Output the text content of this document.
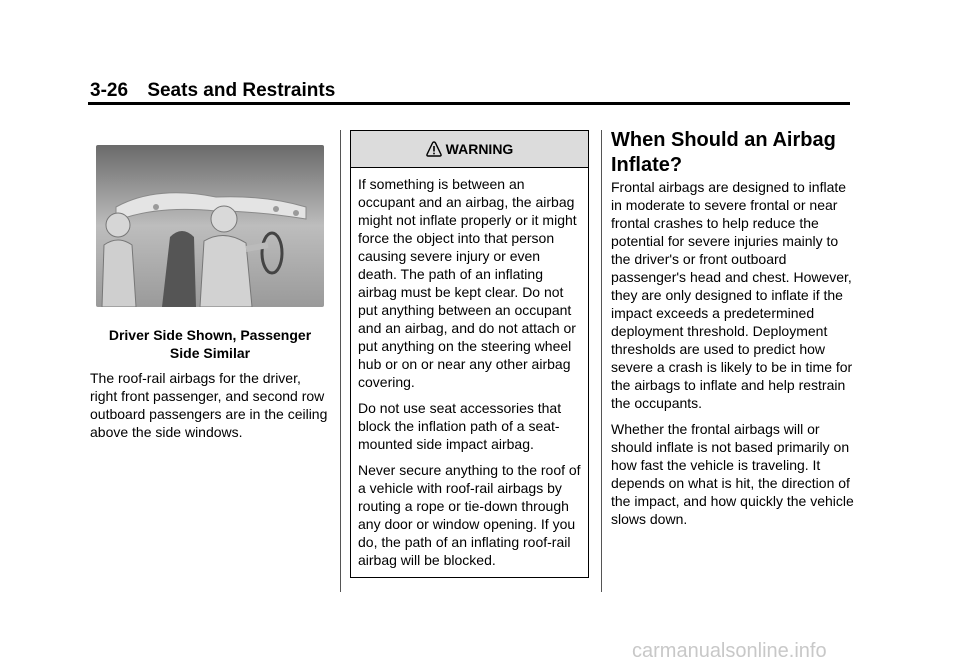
3-26 Seats and Restraints
Driver Side Shown, Passenger Side Similar
The roof-rail airbags for the driver, right front passenger, and second row outboard passengers are in the ceiling above the side windows.
WARNING

If something is between an occupant and an airbag, the airbag might not inflate properly or it might force the object into that person causing severe injury or even death. The path of an inflating airbag must be kept clear. Do not put anything between an occupant and an airbag, and do not attach or put anything on the steering wheel hub or on or near any other airbag covering.

Do not use seat accessories that block the inflation path of a seat-mounted side impact airbag.

Never secure anything to the roof of a vehicle with roof-rail airbags by routing a rope or tie-down through any door or window opening. If you do, the path of an inflating roof-rail airbag will be blocked.

When Should an Airbag Inflate?

Frontal airbags are designed to inflate in moderate to severe frontal or near frontal crashes to help reduce the potential for severe injuries mainly to the driver's or front outboard passenger's head and chest. However, they are only designed to inflate if the impact exceeds a predetermined deployment threshold. Deployment thresholds are used to predict how severe a crash is likely to be in time for the airbags to inflate and help restrain the occupants.

Whether the frontal airbags will or should inflate is not based primarily on how fast the vehicle is traveling. It depends on what is hit, the direction of the impact, and how quickly the vehicle slows down.

carmanualsonline.info
